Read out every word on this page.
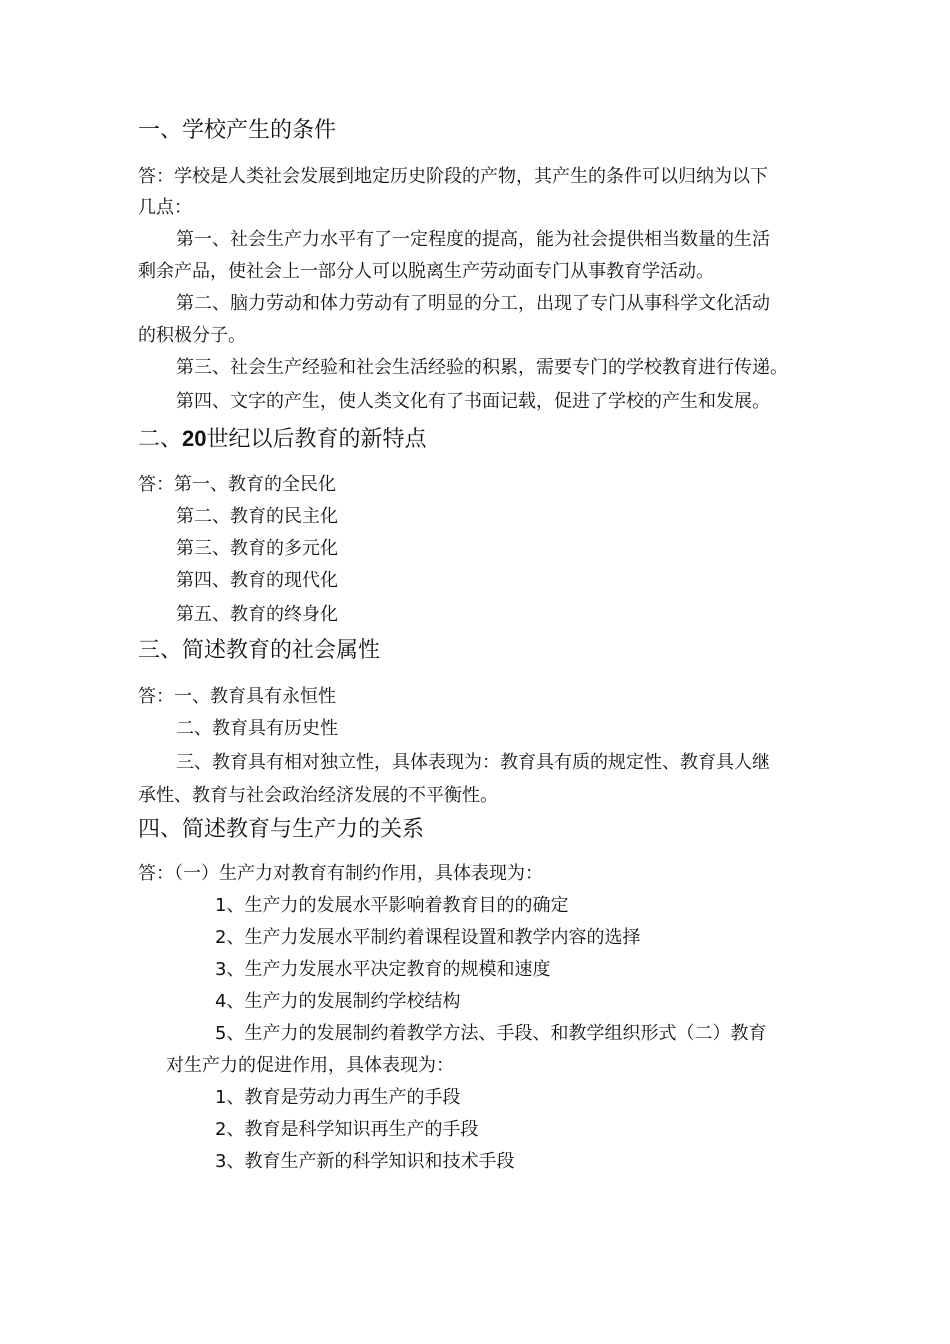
一、学校产生的条件
答：学校是人类社会发展到地定历史阶段的产物，其产生的条件可以归纳为以下
几点：
第一、社会生产力水平有了一定程度的提高，能为社会提供相当数量的生活
剩余产品，使社会上一部分人可以脱离生产劳动面专门从事教育学活动。
第二、脑力劳动和体力劳动有了明显的分工，出现了专门从事科学文化活动
的积极分子。
第三、社会生产经验和社会生活经验的积累，需要专门的学校教育进行传递。
第四、文字的产生，使人类文化有了书面记载，促进了学校的产生和发展。
二、20世纪以后教育的新特点
答：第一、教育的全民化
第二、教育的民主化
第三、教育的多元化
第四、教育的现代化
第五、教育的终身化
三、简述教育的社会属性
答：一、教育具有永恒性
二、教育具有历史性
三、教育具有相对独立性，具体表现为：教育具有质的规定性、教育具人继
承性、教育与社会政治经济发展的不平衡性。
四、简述教育与生产力的关系
答：（一）生产力对教育有制约作用，具体表现为：
1、生产力的发展水平影响着教育目的的确定
2、生产力发展水平制约着课程设置和教学内容的选择
3、生产力发展水平决定教育的规模和速度
4、生产力的发展制约学校结构
5、生产力的发展制约着教学方法、手段、和教学组织形式（二）教育
对生产力的促进作用，具体表现为：
1、教育是劳动力再生产的手段
2、教育是科学知识再生产的手段
3、教育生产新的科学知识和技术手段
